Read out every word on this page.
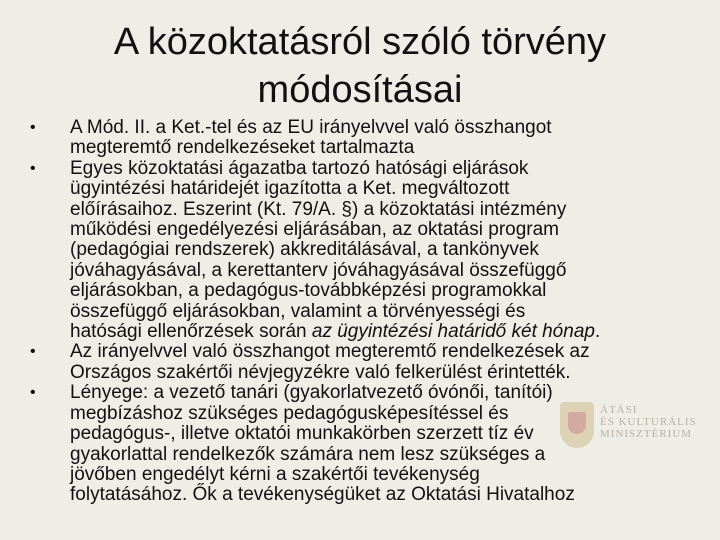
A közoktatásról szóló törvény
módosításai
ÁTÁSI
ÉS KULTURÁLIS
MINISZTÉRIUM
• A Mód. II. a Ket.-tel és az EU irányelvvel való összhangot
megteremtő rendelkezéseket tartalmazta
• Egyes közoktatási ágazatba tartozó hatósági eljárások
ügyintézési határidejét igazította a Ket. megváltozott
előírásaihoz. Eszerint (Kt. 79/A. §) a közoktatási intézmény
működési engedélyezési eljárásában, az oktatási program
(pedagógiai rendszerek) akkreditálásával, a tankönyvek
jóváhagyásával, a kerettanterv jóváhagyásával összefüggő
eljárásokban, a pedagógus-továbbképzési programokkal
összefüggő eljárásokban, valamint a törvényességi és
hatósági ellenőrzések során az ügyintézési határidő két hónap.
• Az irányelvvel való összhangot megteremtő rendelkezések az
Országos szakértői névjegyzékre való felkerülést érintették.
• Lényege: a vezető tanári (gyakorlatvezető óvónői, tanítói)
megbízáshoz szükséges pedagógusképesítéssel és
pedagógus-, illetve oktatói munkakörben szerzett tíz év
gyakorlattal rendelkezők számára nem lesz szükséges a
jövőben engedélyt kérni a szakértői tevékenység
folytatásához. Ők a tevékenységüket az Oktatási Hivatalhoz
